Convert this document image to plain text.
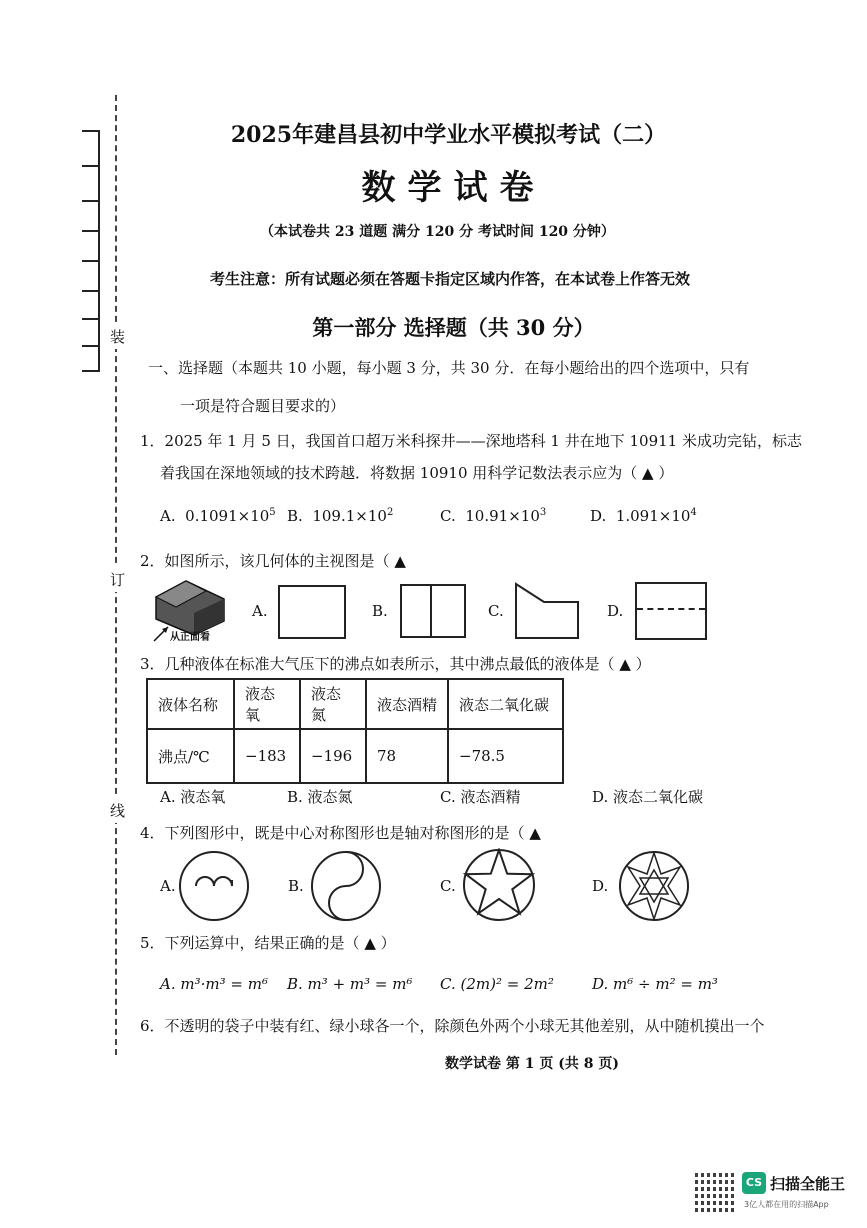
装
订
线
2025年建昌县初中学业水平模拟考试（二）
数学试卷
（本试卷共 23 道题 满分 120 分 考试时间 120 分钟）
考生注意：所有试题必须在答题卡指定区域内作答，在本试卷上作答无效
第一部分 选择题（共 30 分）
一、选择题（本题共 10 小题，每小题 3 分，共 30 分．在每小题给出的四个选项中，只有
一项是符合题目要求的）
1．2025 年 1 月 5 日，我国首口超万米科探井——深地塔科 1 井在地下 10911 米成功完钻，标志
着我国在深地领域的技术跨越．将数据 10910 用科学记数法表示应为（ ▲ ）
A. $0.1091\times 10^5$ B. $109.1\times 10^2$	C. $10.91\times 10^3$	D. $1.091\times 10^4$
2．如图所示，该几何体的主视图是（ ▲
从正面看
A.	B.	C.	D.
3．几种液体在标准大气压下的沸点如表所示，其中沸点最低的液体是（ ▲ ）
液体名称	液态氧	液态氮	液态酒精	液态二氧化碳
沸点/℃	−183	−196	78	−78.5
A. 液态氧	B. 液态氮	C. 液态酒精	D. 液态二氧化碳
4．下列图形中，既是中心对称图形也是轴对称图形的是（ ▲
A.	B.	C.	D.
5．下列运算中，结果正确的是（ ▲ ）
A. m³·m³ = m⁶ B. m³ + m³ = m⁶ C. (2m)² = 2m²	D. m⁶ ÷ m² = m³
6．不透明的袋子中装有红、绿小球各一个，除颜色外两个小球无其他差别，从中随机摸出一个
数学试卷 第 1 页 (共 8 页)
CS 扫描全能王
3亿人都在用的扫描App
